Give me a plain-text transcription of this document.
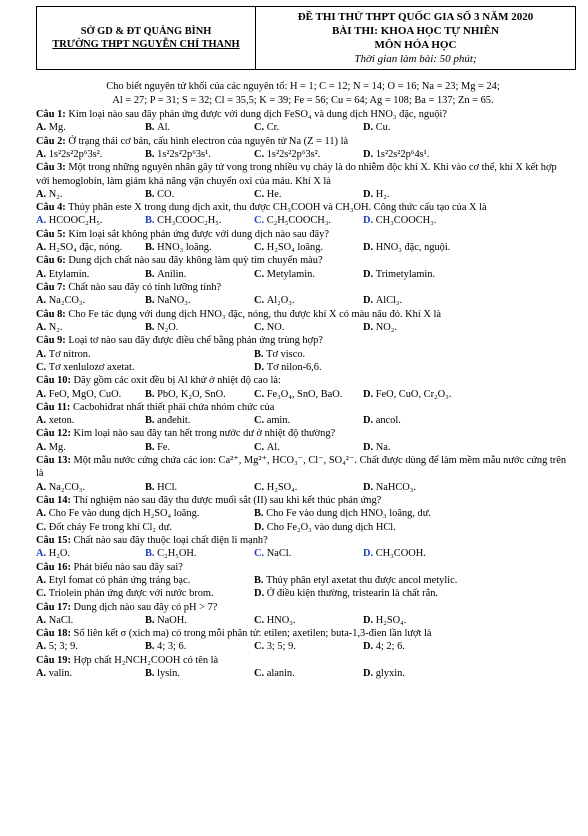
SỞ GD & ĐT QUẢNG BÌNH
TRƯỜNG THPT NGUYỄN CHÍ THANH

ĐỀ THI THỬ THPT QUỐC GIA SỐ 3 NĂM 2020
BÀI THI: KHOA HỌC TỰ NHIÊN
MÔN HÓA HỌC
Thời gian làm bài: 50 phút;
Cho biết nguyên tử khối của các nguyên tố: H = 1; C = 12; N = 14; O = 16; Na = 23; Mg = 24;
Al = 27; P = 31; S = 32; Cl = 35,5; K = 39; Fe = 56; Cu = 64; Ag = 108; Ba = 137; Zn = 65.
Câu 1: Kim loại nào sau đây phản ứng được với dung dịch FeSO₄ và dung dịch HNO₃ đặc, nguội?
A. Mg.	B. Al.	C. Cr.	D. Cu.
Câu 2: Ở trạng thái cơ bản, cấu hình electron của nguyên tử Na (Z = 11) là
A. 1s²2s²2p⁶3s².	B. 1s²2s²2p⁶3s¹.	C. 1s²2s²2p⁶3s².	D. 1s²2s²2p⁶4s¹.
Câu 3: Một trong những nguyên nhân gây tử vong trong nhiều vụ cháy là do nhiễm độc khí X. Khi vào cơ thể, khí X kết hợp với hemoglobin, làm giảm khả năng vận chuyển oxi của máu. Khí X là
A. N₂.	B. CO.	C. He.	D. H₂.
Câu 4: Thủy phân este X trong dung dịch axit, thu được CH₃COOH và CH₃OH. Công thức cấu tạo của X là
A. HCOOC₂H₅.	B. CH₃COOC₂H₅.	C. C₂H₅COOCH₃.	D. CH₃COOCH₃.
Câu 5: Kim loại sắt không phản ứng được với dung dịch nào sau đây?
A. H₂SO₄ đặc, nóng.	B. HNO₃ loãng.	C. H₂SO₄ loãng.	D. HNO₃ đặc, nguội.
Câu 6: Dung dịch chất nào sau đây không làm quỳ tím chuyển màu?
A. Etylamin.	B. Anilin.	C. Metylamin.	D. Trimetylamin.
Câu 7: Chất nào sau đây có tính lưỡng tính?
A. Na₂CO₃.	B. NaNO₃.	C. Al₂O₃.	D. AlCl₃.
Câu 8: Cho Fe tác dụng với dung dịch HNO₃ đặc, nóng, thu được khí X có màu nâu đỏ. Khí X là
A. N₂.	B. N₂O.	C. NO.	D. NO₂.
Câu 9: Loại tơ nào sau đây được điều chế bằng phản ứng trùng hợp?
A. Tơ nitron.	B. Tơ visco.
C. Tơ xenlulozơ axetat.	D. Tơ nilon-6,6.
Câu 10: Dãy gồm các oxit đều bị Al khử ở nhiệt độ cao là:
A. FeO, MgO, CuO.	B. PbO, K₂O, SnO.	C. Fe₃O₄, SnO, BaO.	D. FeO, CuO, Cr₂O₃.
Câu 11: Cacbohiđrat nhất thiết phải chứa nhóm chức của
A. xeton.	B. anđehit.	C. amin.	D. ancol.
Câu 12: Kim loại nào sau đây tan hết trong nước dư ở nhiệt độ thường?
A. Mg.	B. Fe.	C. Al.	D. Na.
Câu 13: Một mẫu nước cứng chứa các ion: Ca²⁺, Mg²⁺, HCO₃⁻, Cl⁻, SO₄²⁻. Chất được dùng để làm mềm mẫu nước cứng trên là
A. Na₂CO₃.	B. HCl.	C. H₂SO₄.	D. NaHCO₃.
Câu 14: Thí nghiệm nào sau đây thu được muối sắt (II) sau khi kết thúc phản ứng?
A. Cho Fe vào dung dịch H₂SO₄ loãng.	B. Cho Fe vào dung dịch HNO₃ loãng, dư.
C. Đốt cháy Fe trong khí Cl₂ dư.	D. Cho Fe₂O₃ vào dung dịch HCl.
Câu 15: Chất nào sau đây thuộc loại chất điện li mạnh?
A. H₂O.	B. C₂H₅OH.	C. NaCl.	D. CH₃COOH.
Câu 16: Phát biểu nào sau đây sai?
A. Etyl fomat có phản ứng tráng bạc.	B. Thủy phân etyl axetat thu được ancol metylic.
C. Triolein phản ứng được với nước brom.	D. Ở điều kiện thường, tristearin là chất rắn.
Câu 17: Dung dịch nào sau đây có pH > 7?
A. NaCl.	B. NaOH.	C. HNO₃.	D. H₂SO₄.
Câu 18: Số liên kết σ (xích ma) có trong mỗi phân tử: etilen; axetilen; buta-1,3-đien lần lượt là
A. 5; 3; 9.	B. 4; 3; 6.	C. 3; 5; 9.	D. 4; 2; 6.
Câu 19: Hợp chất H₂NCH₂COOH có tên là
A. valin.	B. lysin.	C. alanin.	D. glyxin.
